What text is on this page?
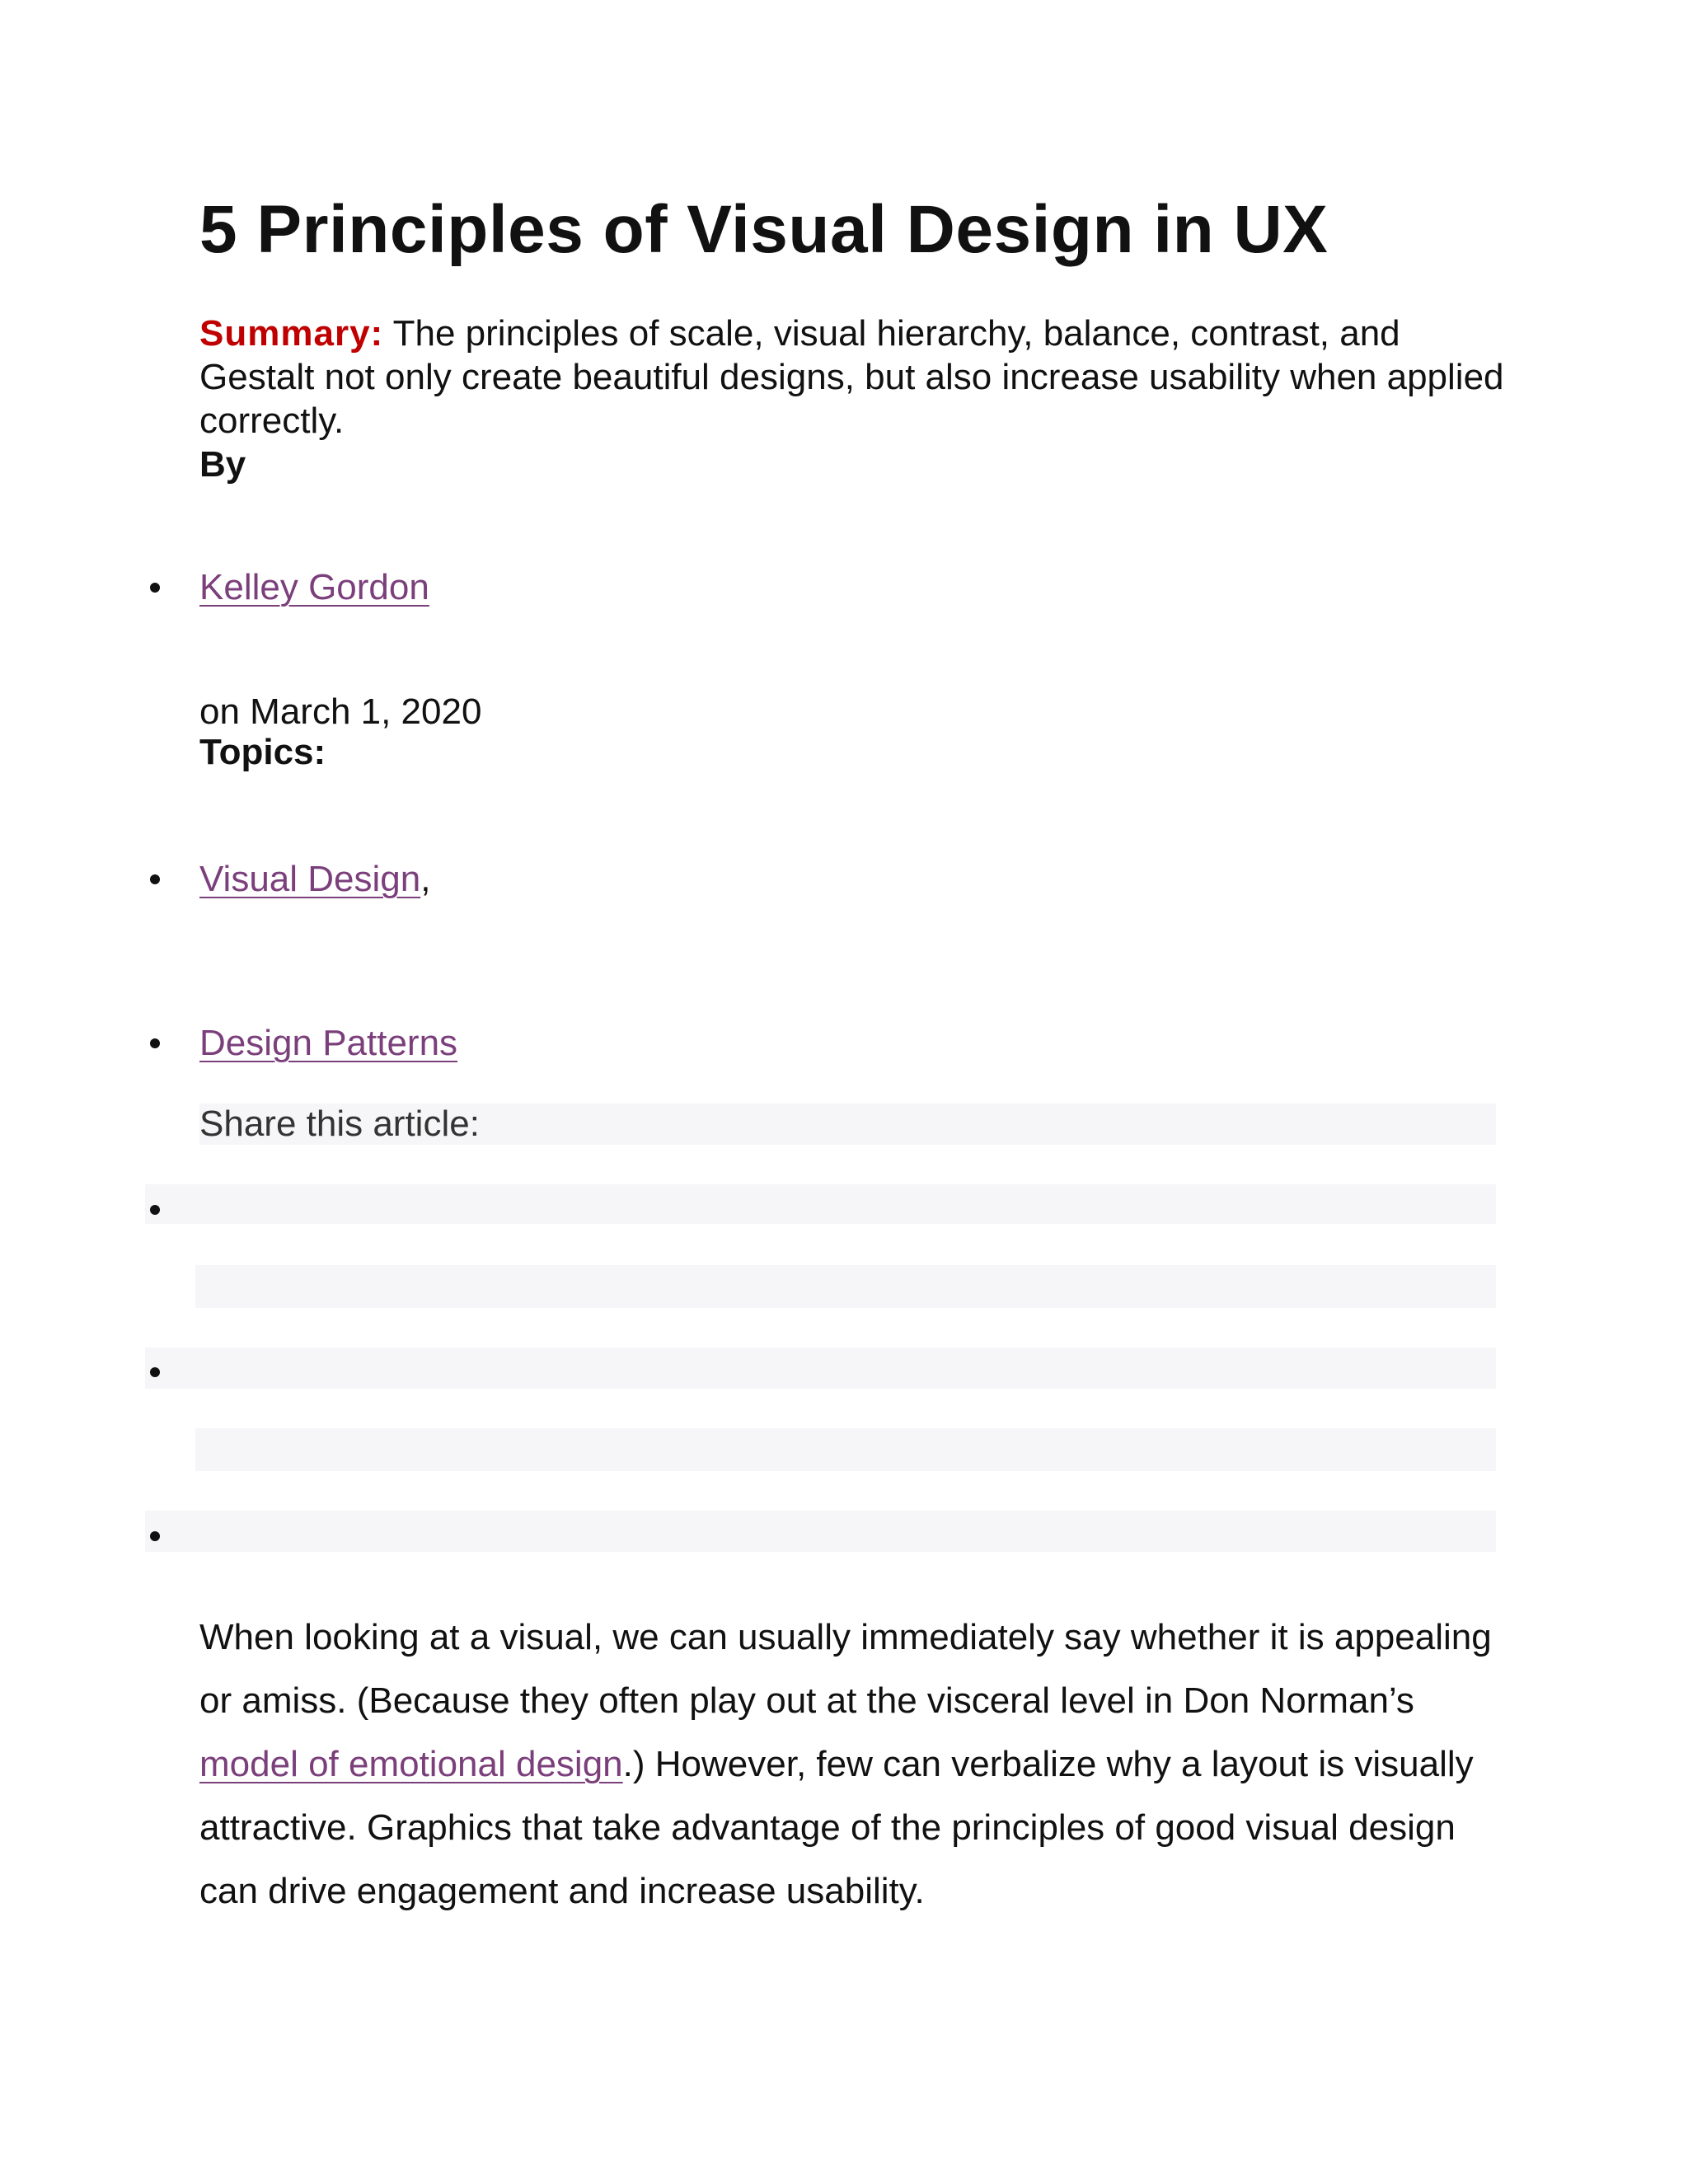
5 Principles of Visual Design in UX
Summary: The principles of scale, visual hierarchy, balance, contrast, and Gestalt not only create beautiful designs, but also increase usability when applied correctly.
By
Kelley Gordon
on March 1, 2020
Topics:
Visual Design,
Design Patterns
Share this article:

When looking at a visual, we can usually immediately say whether it is appealing or amiss. (Because they often play out at the visceral level in Don Norman’s model of emotional design.) However, few can verbalize why a layout is visually attractive. Graphics that take advantage of the principles of good visual design can drive engagement and increase usability.
